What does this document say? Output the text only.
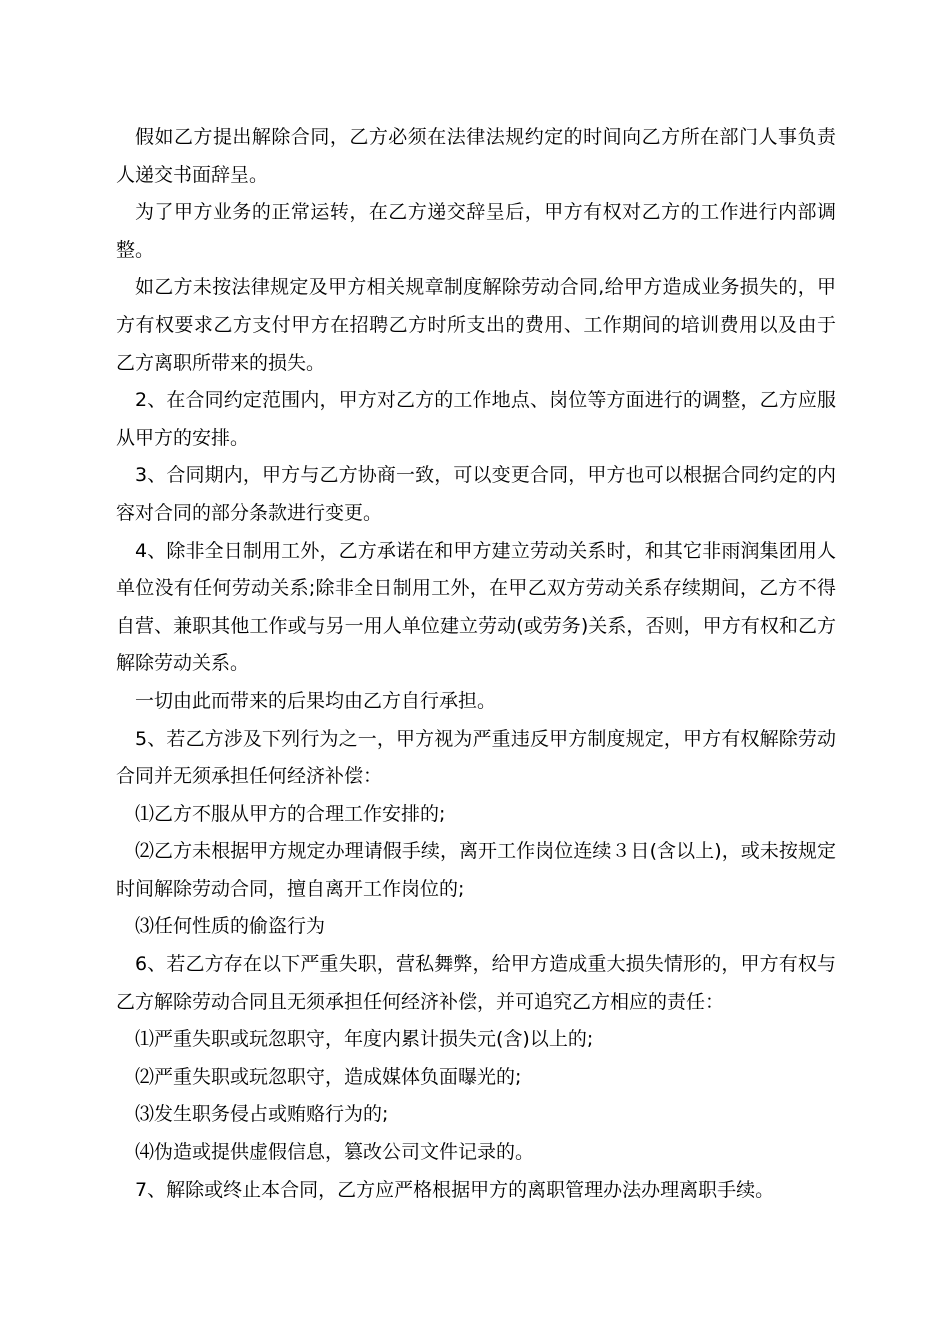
假如乙方提出解除合同，乙方必须在法律法规约定的时间向乙方所在部门人事负责人递交书面辞呈。

为了甲方业务的正常运转，在乙方递交辞呈后，甲方有权对乙方的工作进行内部调整。

如乙方未按法律规定及甲方相关规章制度解除劳动合同,给甲方造成业务损失的，甲方有权要求乙方支付甲方在招聘乙方时所支出的费用、工作期间的培训费用以及由于乙方离职所带来的损失。

2、在合同约定范围内，甲方对乙方的工作地点、岗位等方面进行的调整，乙方应服从甲方的安排。

3、合同期内，甲方与乙方协商一致，可以变更合同，甲方也可以根据合同约定的内容对合同的部分条款进行变更。

4、除非全日制用工外，乙方承诺在和甲方建立劳动关系时，和其它非雨润集团用人单位没有任何劳动关系;除非全日制用工外，在甲乙双方劳动关系存续期间，乙方不得自营、兼职其他工作或与另一用人单位建立劳动(或劳务)关系，否则，甲方有权和乙方解除劳动关系。

一切由此而带来的后果均由乙方自行承担。

5、若乙方涉及下列行为之一，甲方视为严重违反甲方制度规定，甲方有权解除劳动合同并无须承担任何经济补偿：

⑴乙方不服从甲方的合理工作安排的;

⑵乙方未根据甲方规定办理请假手续，离开工作岗位连续３日(含以上)，或未按规定时间解除劳动合同，擅自离开工作岗位的;

⑶任何性质的偷盗行为

6、若乙方存在以下严重失职，营私舞弊，给甲方造成重大损失情形的，甲方有权与乙方解除劳动合同且无须承担任何经济补偿，并可追究乙方相应的责任：

⑴严重失职或玩忽职守，年度内累计损失元(含)以上的;

⑵严重失职或玩忽职守，造成媒体负面曝光的;

⑶发生职务侵占或贿赂行为的;

⑷伪造或提供虚假信息，篡改公司文件记录的。

7、解除或终止本合同，乙方应严格根据甲方的离职管理办法办理离职手续。
